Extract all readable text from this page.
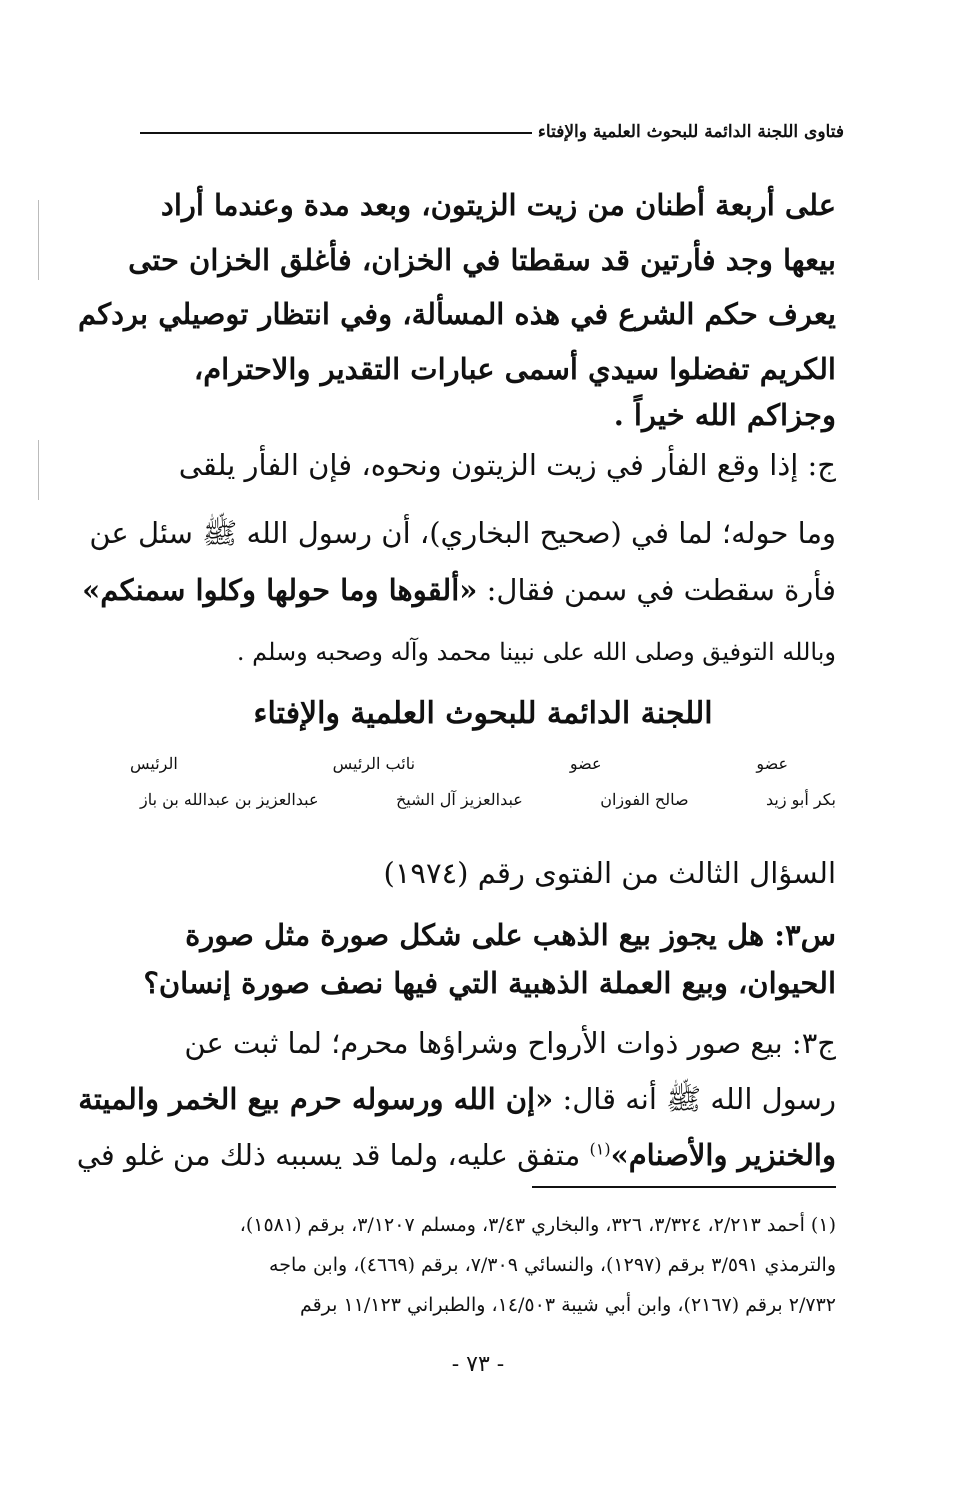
فتاوى اللجنة الدائمة للبحوث العلمية والإفتاء
على أربعة أطنان من زيت الزيتون، وبعد مدة وعندما أراد
بيعها وجد فأرتين قد سقطتا في الخزان، فأغلق الخزان حتى
يعرف حكم الشرع في هذه المسألة، وفي انتظار توصيلي بردكم
الكريم تفضلوا سيدي أسمى عبارات التقدير والاحترام،
وجزاكم الله خيراً .
ج: إذا وقع الفأر في زيت الزيتون ونحوه، فإن الفأر يلقى
وما حوله؛ لما في (صحيح البخاري)، أن رسول الله ﷺ سئل عن
فأرة سقطت في سمن فقال: «ألقوها وما حولها وكلوا سمنكم»
وبالله التوفيق وصلى الله على نبينا محمد وآله وصحبه وسلم .
اللجنة الدائمة للبحوث العلمية والإفتاء
عضو
عضو
نائب الرئيس
الرئيس
بكر أبو زيد
صالح الفوزان
عبدالعزيز آل الشيخ
عبدالعزيز بن عبدالله بن باز
السؤال الثالث من الفتوى رقم (١٩٧٤)
س٣: هل يجوز بيع الذهب على شكل صورة مثل صورة
الحيوان، وبيع العملة الذهبية التي فيها نصف صورة إنسان؟
ج٣: بيع صور ذوات الأرواح وشراؤها محرم؛ لما ثبت عن
رسول الله ﷺ أنه قال: «إن الله ورسوله حرم بيع الخمر والميتة
والخنزير والأصنام»$^{(١)}$ متفق عليه، ولما قد يسببه ذلك من غلو في
(١) أحمد ٢/٢١٣، ٣/٣٢٤، ٣٢٦، والبخاري ٣/٤٣، ومسلم ٣/١٢٠٧، برقم (١٥٨١)،
والترمذي ٣/٥٩١ برقم (١٢٩٧)، والنسائي ٧/٣٠٩، برقم (٤٦٦٩)، وابن ماجه
٢/٧٣٢ برقم (٢١٦٧)، وابن أبي شيبة ١٤/٥٠٣، والطبراني ١١/١٢٣ برقم
- ٧٣ -
